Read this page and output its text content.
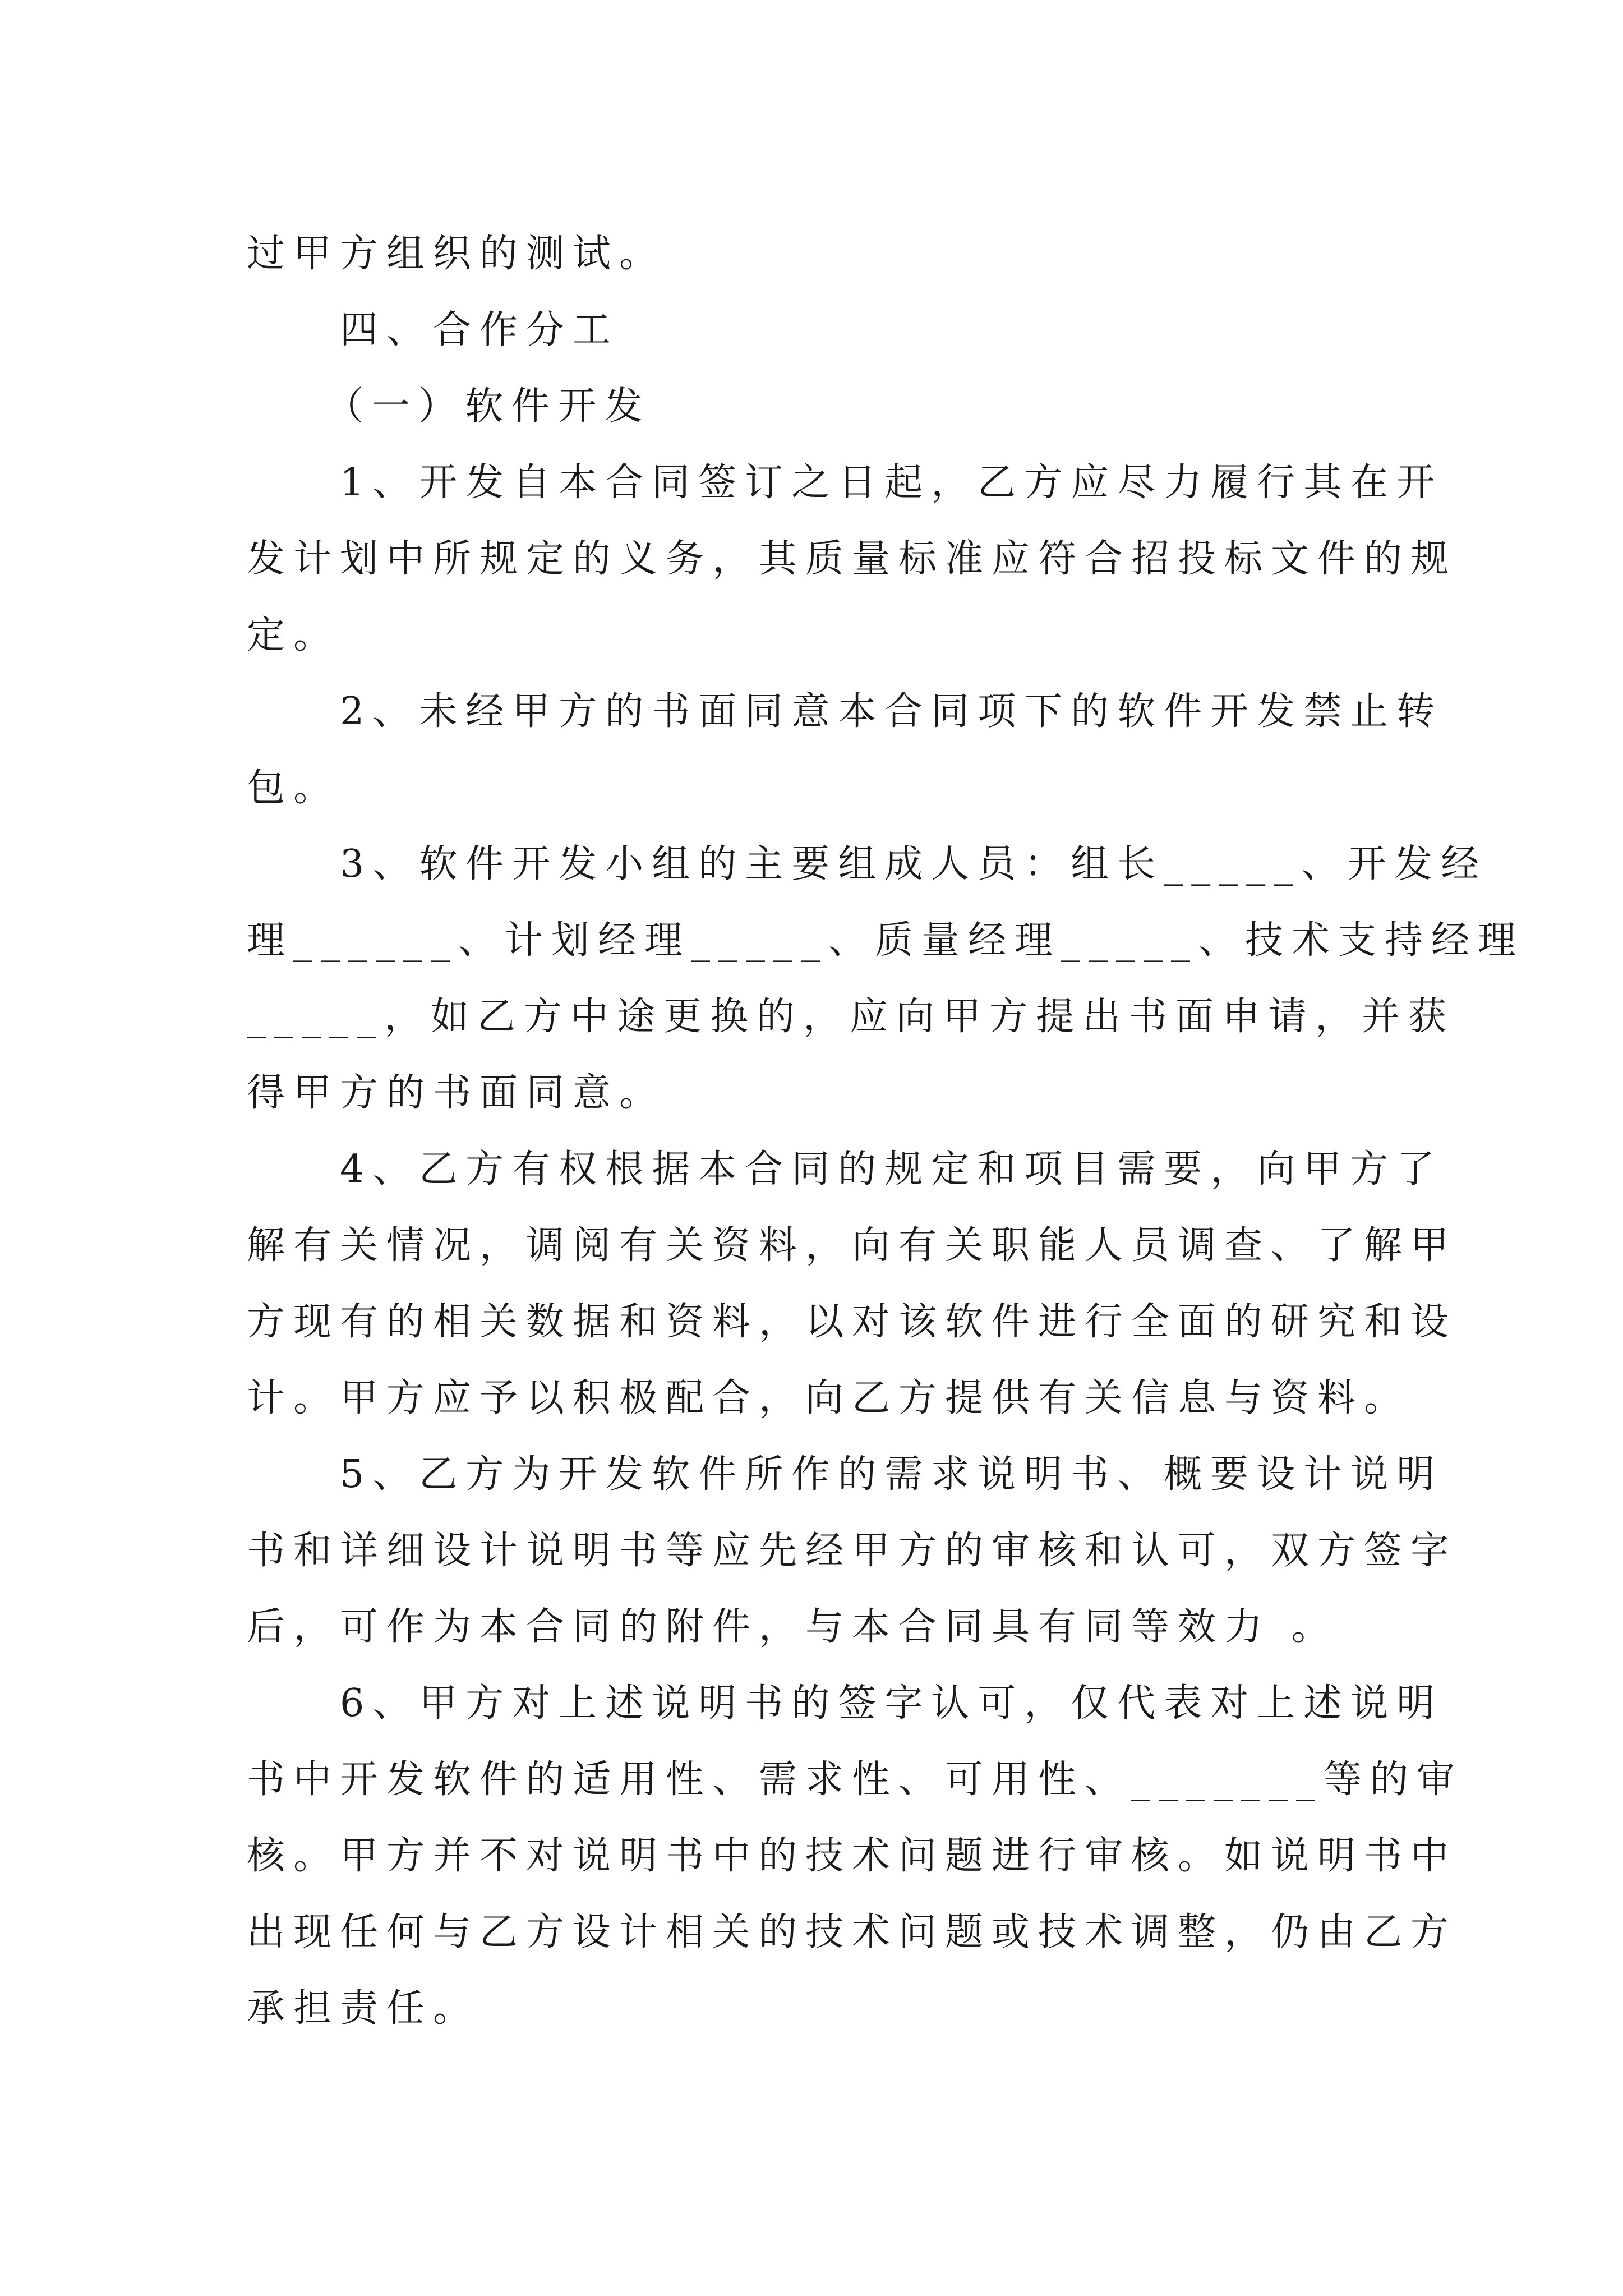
过甲方组织的测试。
四、合作分工
（一）软件开发
1、开发自本合同签订之日起，乙方应尽力履行其在开
发计划中所规定的义务，其质量标准应符合招投标文件的规
定。
2、未经甲方的书面同意本合同项下的软件开发禁止转
包。
3、软件开发小组的主要组成人员：组长_____、开发经
理______、计划经理_____、质量经理_____、技术支持经理
_____，如乙方中途更换的，应向甲方提出书面申请，并获
得甲方的书面同意。
4、乙方有权根据本合同的规定和项目需要，向甲方了
解有关情况，调阅有关资料，向有关职能人员调查、了解甲
方现有的相关数据和资料，以对该软件进行全面的研究和设
计。甲方应予以积极配合，向乙方提供有关信息与资料。
5、乙方为开发软件所作的需求说明书、概要设计说明
书和详细设计说明书等应先经甲方的审核和认可，双方签字
后，可作为本合同的附件，与本合同具有同等效力 。
6、甲方对上述说明书的签字认可，仅代表对上述说明
书中开发软件的适用性、需求性、可用性、_______等的审
核。甲方并不对说明书中的技术问题进行审核。如说明书中
出现任何与乙方设计相关的技术问题或技术调整，仍由乙方
承担责任。
